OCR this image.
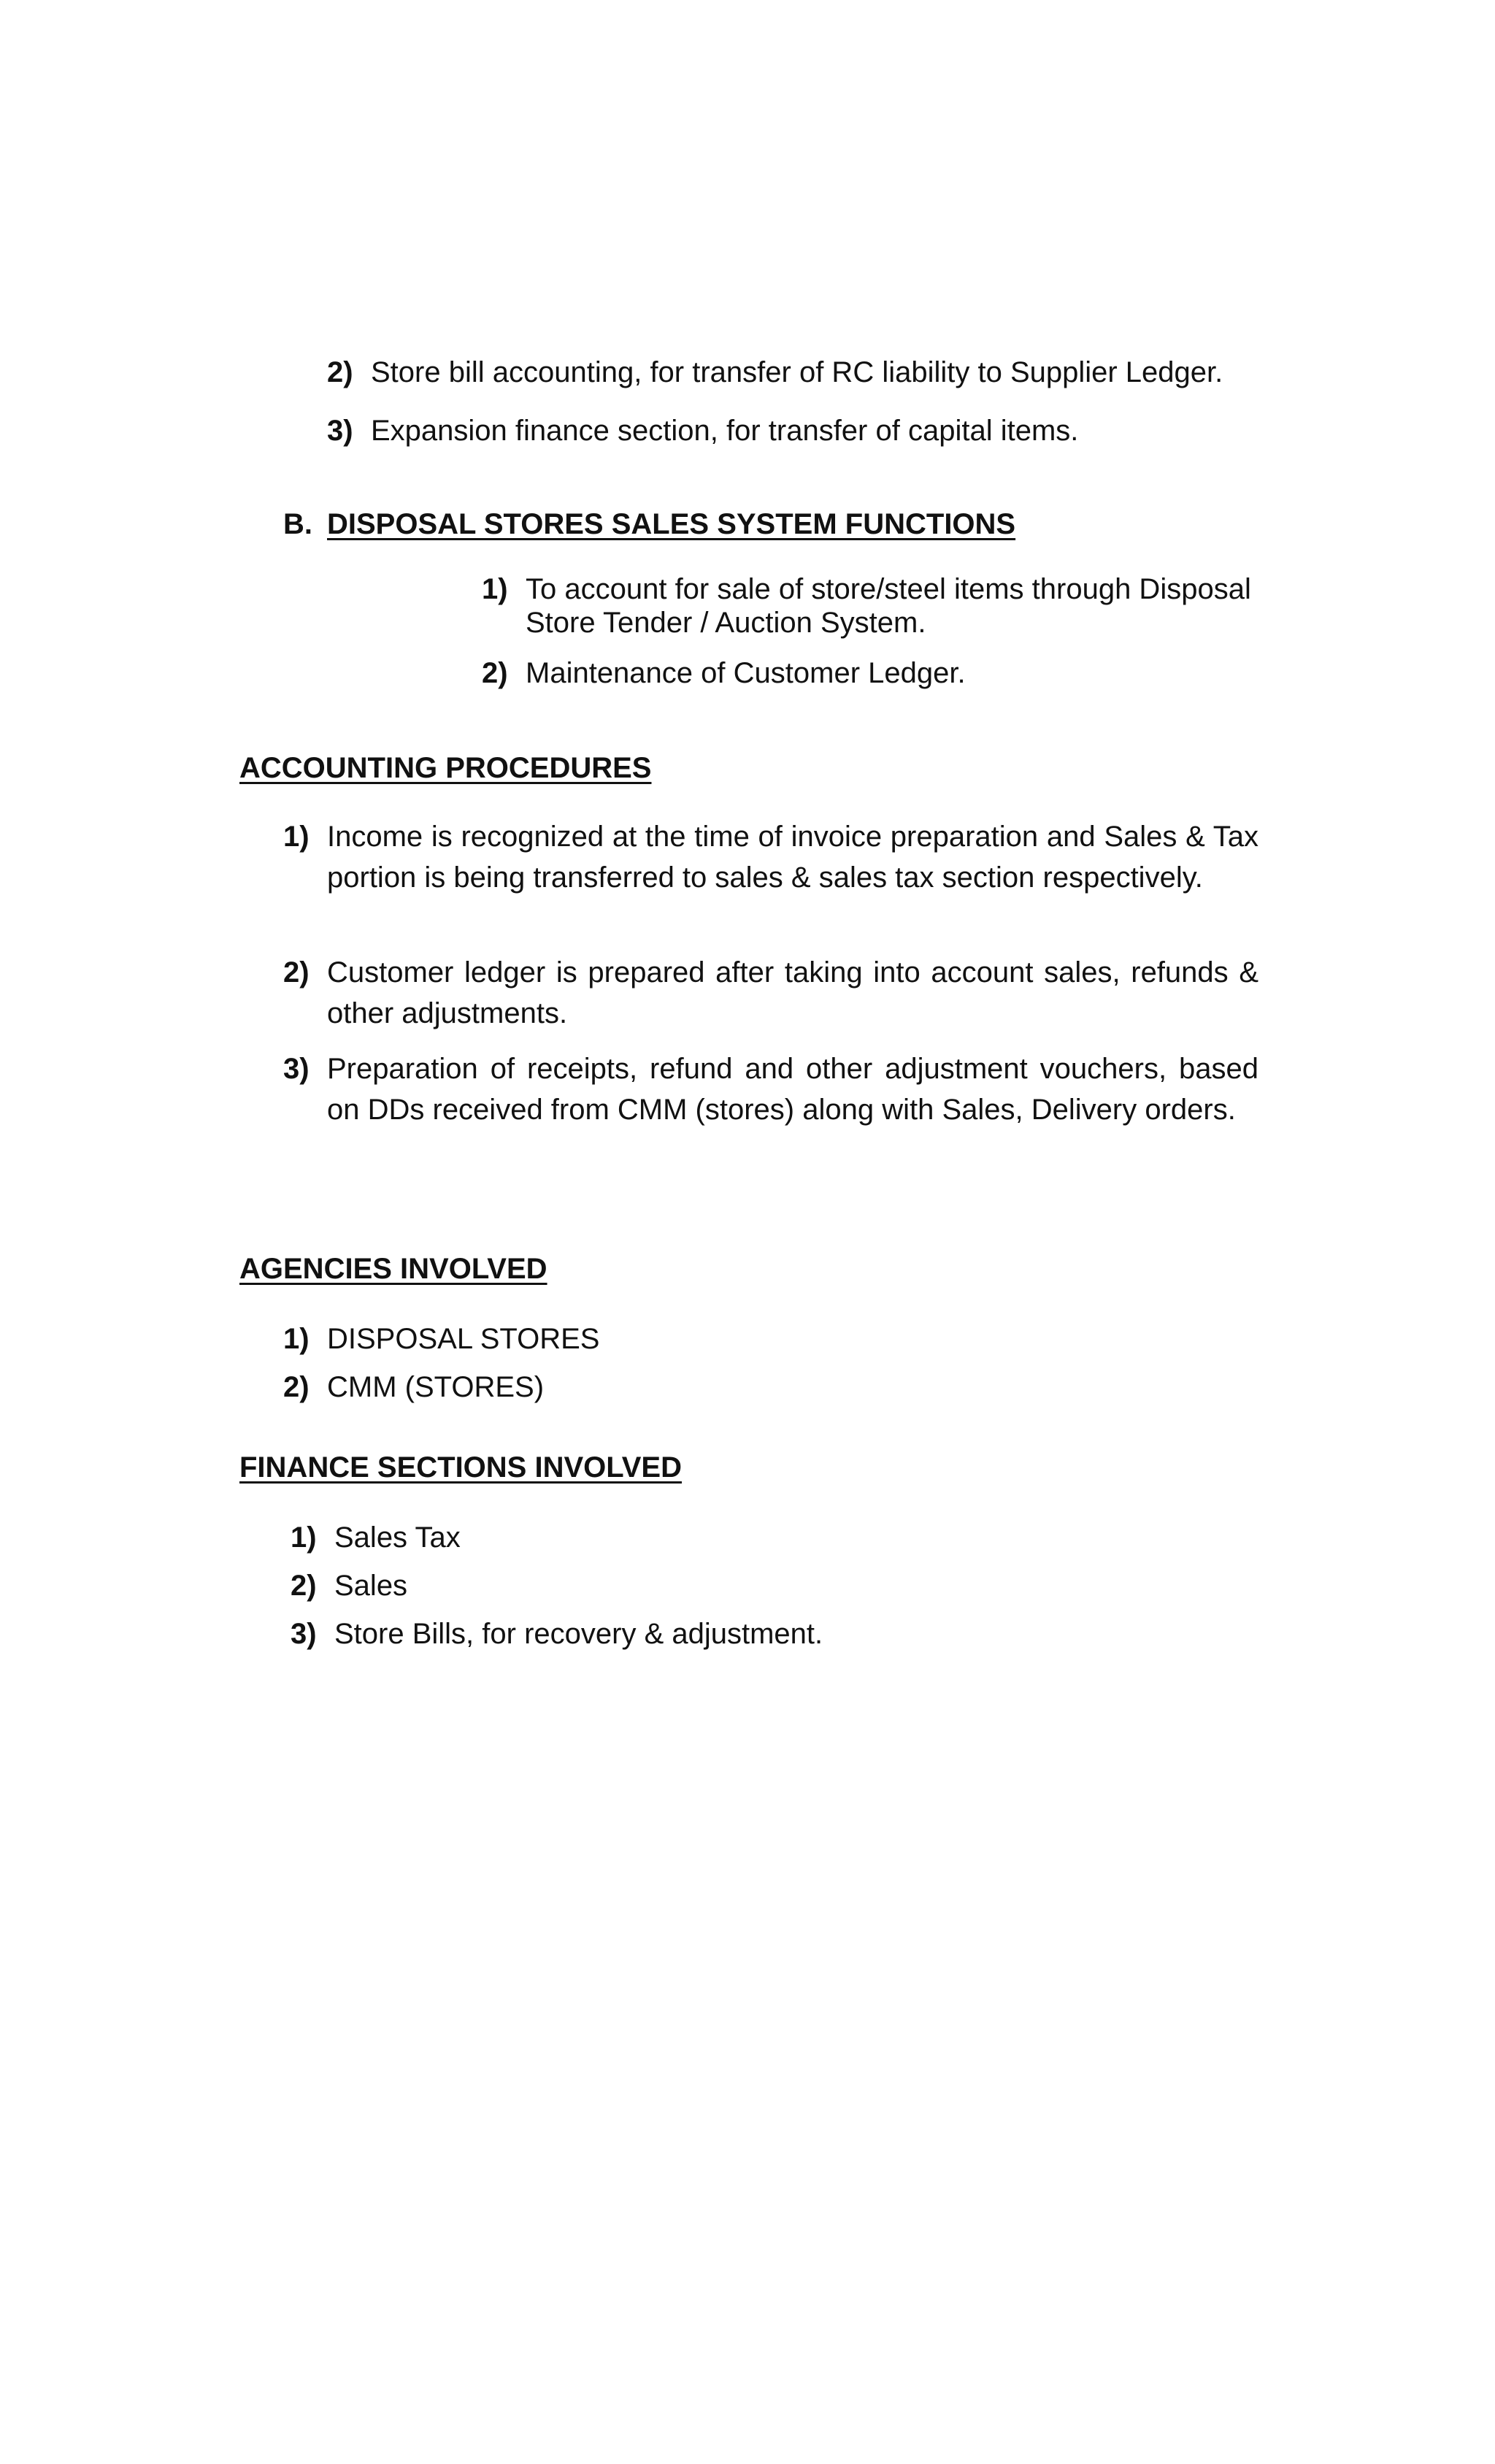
2) Store bill accounting, for transfer of RC liability to Supplier Ledger.
3) Expansion finance section, for transfer of capital items.
B. DISPOSAL STORES SALES SYSTEM FUNCTIONS
1) To account for sale of store/steel items through Disposal Store Tender / Auction System.
2) Maintenance of Customer Ledger.
ACCOUNTING PROCEDURES
1) Income is recognized at the time of invoice preparation and Sales & Tax portion is being transferred to sales & sales tax section respectively.
2) Customer ledger is prepared after taking into account sales, refunds & other adjustments.
3) Preparation of receipts, refund and other adjustment vouchers, based on DDs received from CMM (stores) along with Sales, Delivery orders.
AGENCIES INVOLVED
1) DISPOSAL STORES
2) CMM (STORES)
FINANCE SECTIONS INVOLVED
1) Sales Tax
2) Sales
3) Store Bills, for recovery & adjustment.
